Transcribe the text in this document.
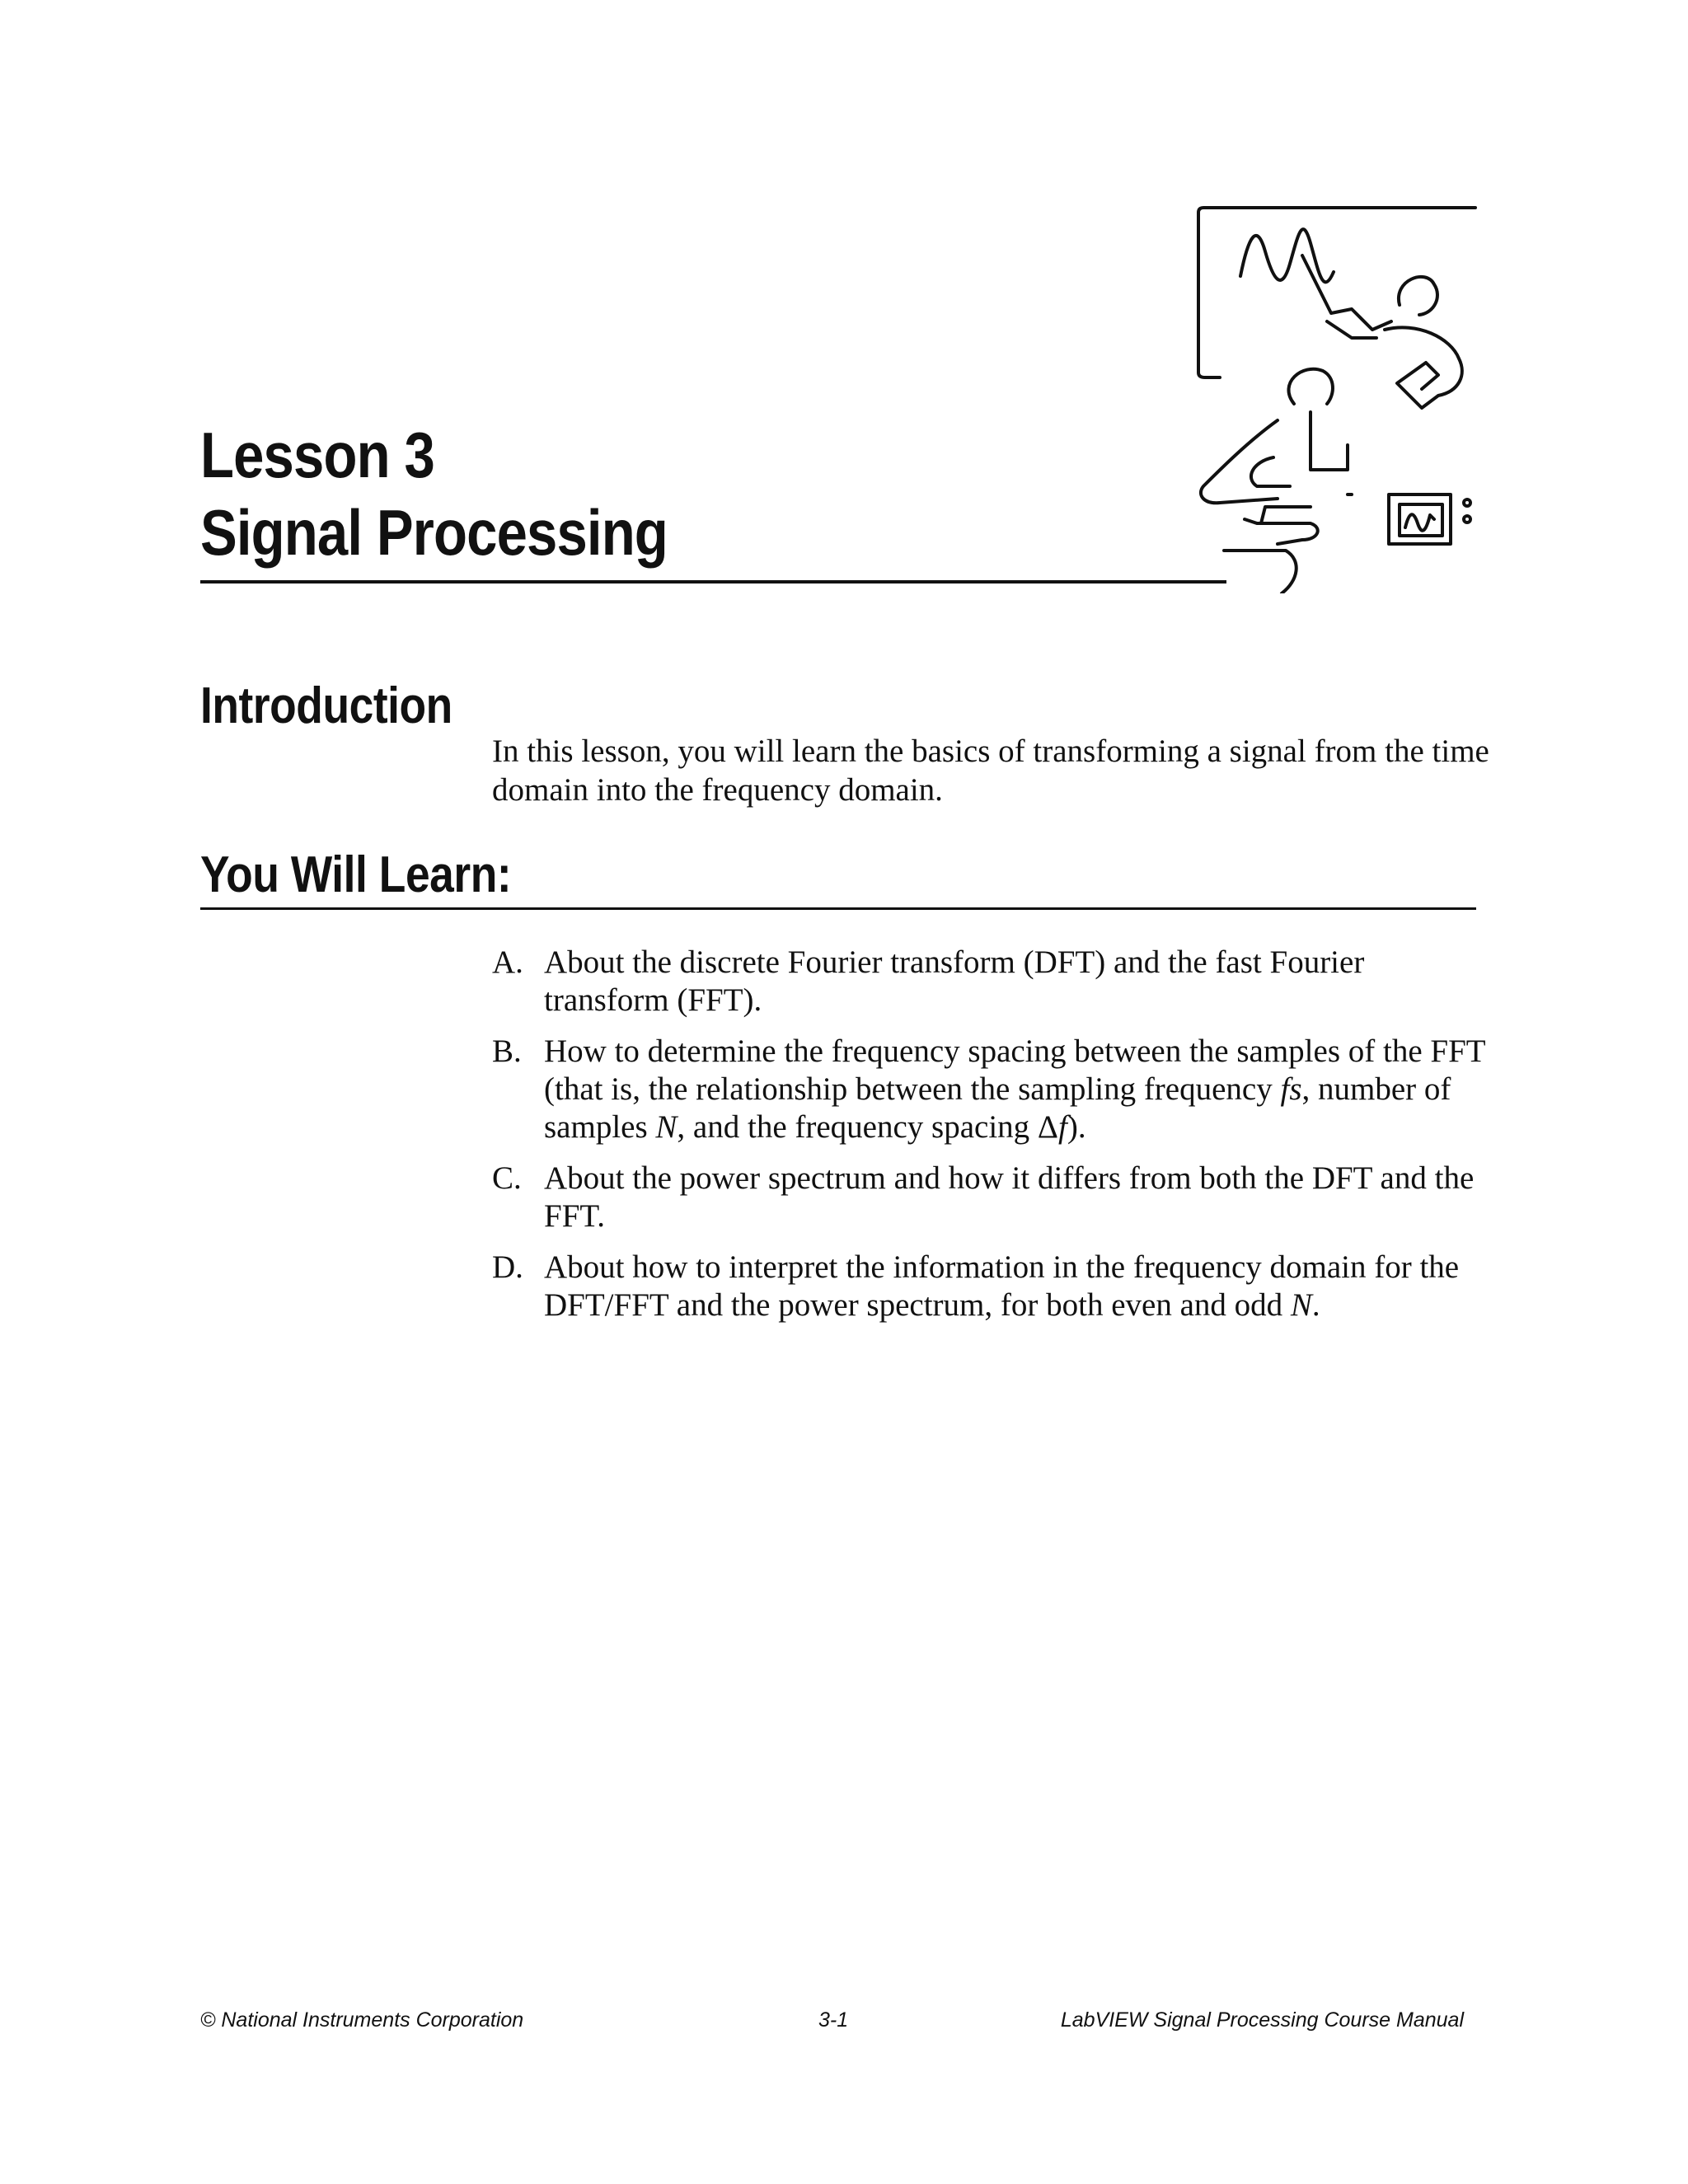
Lesson 3
Signal Processing
Introduction

In this lesson, you will learn the basics of transforming a signal from the time domain into the frequency domain.

You Will Learn:
A. About the discrete Fourier transform (DFT) and the fast Fourier transform (FFT).
B. How to determine the frequency spacing between the samples of the FFT (that is, the relationship between the sampling frequency fs, number of samples N, and the frequency spacing Δf).
C. About the power spectrum and how it differs from both the DFT and the FFT.
D. About how to interpret the information in the frequency domain for the DFT/FFT and the power spectrum, for both even and odd N.
© National Instruments Corporation	3-1	LabVIEW Signal Processing Course Manual
